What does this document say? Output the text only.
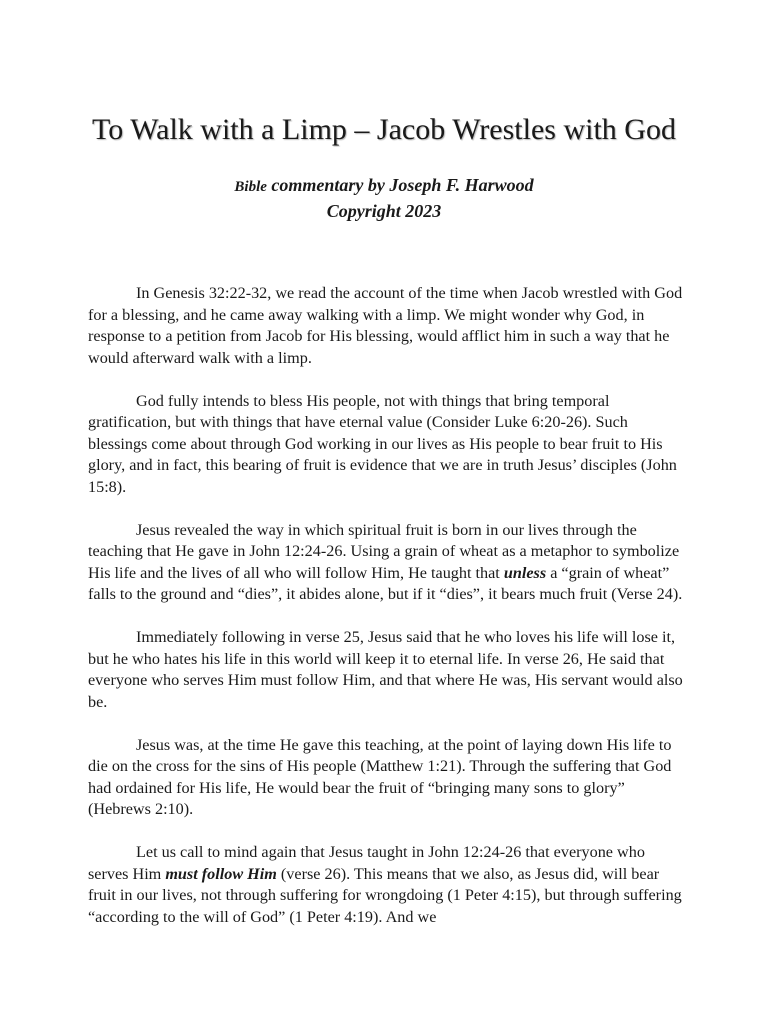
To Walk with a Limp – Jacob Wrestles with God
Bible commentary by Joseph F. Harwood
Copyright 2023

In Genesis 32:22-32, we read the account of the time when Jacob wrestled with God for a blessing, and he came away walking with a limp. We might wonder why God, in response to a petition from Jacob for His blessing, would afflict him in such a way that he would afterward walk with a limp.

God fully intends to bless His people, not with things that bring temporal gratification, but with things that have eternal value (Consider Luke 6:20-26). Such blessings come about through God working in our lives as His people to bear fruit to His glory, and in fact, this bearing of fruit is evidence that we are in truth Jesus’ disciples (John 15:8).

Jesus revealed the way in which spiritual fruit is born in our lives through the teaching that He gave in John 12:24-26. Using a grain of wheat as a metaphor to symbolize His life and the lives of all who will follow Him, He taught that unless a “grain of wheat” falls to the ground and “dies”, it abides alone, but if it “dies”, it bears much fruit (Verse 24).

Immediately following in verse 25, Jesus said that he who loves his life will lose it, but he who hates his life in this world will keep it to eternal life. In verse 26, He said that everyone who serves Him must follow Him, and that where He was, His servant would also be.

Jesus was, at the time He gave this teaching, at the point of laying down His life to die on the cross for the sins of His people (Matthew 1:21). Through the suffering that God had ordained for His life, He would bear the fruit of “bringing many sons to glory” (Hebrews 2:10).

Let us call to mind again that Jesus taught in John 12:24-26 that everyone who serves Him must follow Him (verse 26). This means that we also, as Jesus did, will bear fruit in our lives, not through suffering for wrongdoing (1 Peter 4:15), but through suffering “according to the will of God” (1 Peter 4:19). And we
